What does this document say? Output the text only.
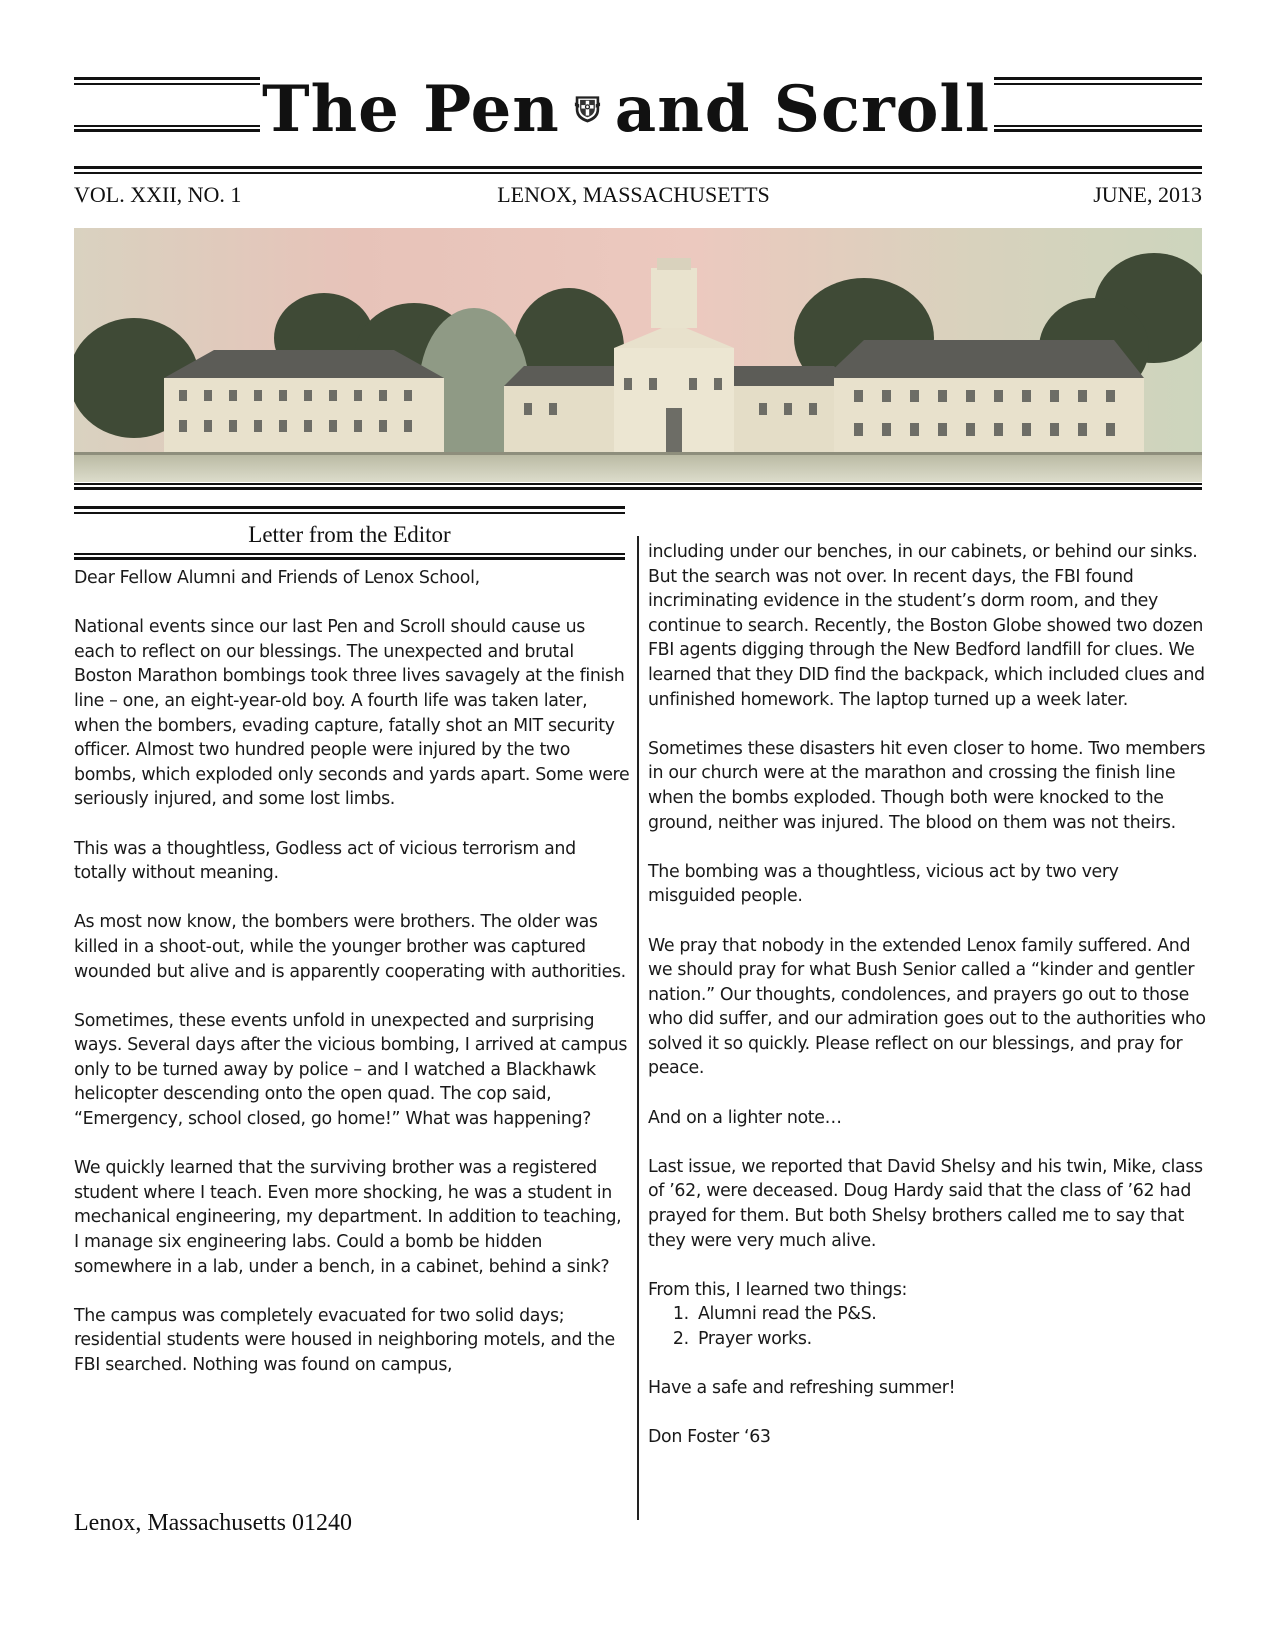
The Pen and Scroll
VOL. XXII, NO. 1	LENOX, MASSACHUSETTS	JUNE, 2013
Letter from the Editor

Dear Fellow Alumni and Friends of Lenox School,

National events since our last Pen and Scroll should cause us each to reflect on our blessings. The unexpected and brutal Boston Marathon bombings took three lives savagely at the finish line – one, an eight-year-old boy. A fourth life was taken later, when the bombers, evading capture, fatally shot an MIT security officer. Almost two hundred people were injured by the two bombs, which exploded only seconds and yards apart. Some were seriously injured, and some lost limbs.

This was a thoughtless, Godless act of vicious terrorism and totally without meaning.

As most now know, the bombers were brothers. The older was killed in a shoot-out, while the younger brother was captured wounded but alive and is apparently cooperating with authorities.

Sometimes, these events unfold in unexpected and surprising ways. Several days after the vicious bombing, I arrived at campus only to be turned away by police – and I watched a Blackhawk helicopter descending onto the open quad. The cop said, “Emergency, school closed, go home!” What was happening?

We quickly learned that the surviving brother was a registered student where I teach. Even more shocking, he was a student in mechanical engineering, my department. In addition to teaching, I manage six engineering labs. Could a bomb be hidden somewhere in a lab, under a bench, in a cabinet, behind a sink?

The campus was completely evacuated for two solid days; residential students were housed in neighboring motels, and the FBI searched. Nothing was found on campus,

including under our benches, in our cabinets, or behind our sinks. But the search was not over. In recent days, the FBI found incriminating evidence in the student’s dorm room, and they continue to search. Recently, the Boston Globe showed two dozen FBI agents digging through the New Bedford landfill for clues. We learned that they DID find the backpack, which included clues and unfinished homework. The laptop turned up a week later.

Sometimes these disasters hit even closer to home. Two members in our church were at the marathon and crossing the finish line when the bombs exploded. Though both were knocked to the ground, neither was injured. The blood on them was not theirs.

The bombing was a thoughtless, vicious act by two very misguided people.

We pray that nobody in the extended Lenox family suffered. And we should pray for what Bush Senior called a “kinder and gentler nation.” Our thoughts, condolences, and prayers go out to those who did suffer, and our admiration goes out to the authorities who solved it so quickly. Please reflect on our blessings, and pray for peace.

And on a lighter note…

Last issue, we reported that David Shelsy and his twin, Mike, class of ’62, were deceased. Doug Hardy said that the class of ’62 had prayed for them. But both Shelsy brothers called me to say that they were very much alive.

From this, I learned two things:

1. Alumni read the P&S.
2. Prayer works.

Have a safe and refreshing summer!

Don Foster ‘63

Lenox, Massachusetts 01240
